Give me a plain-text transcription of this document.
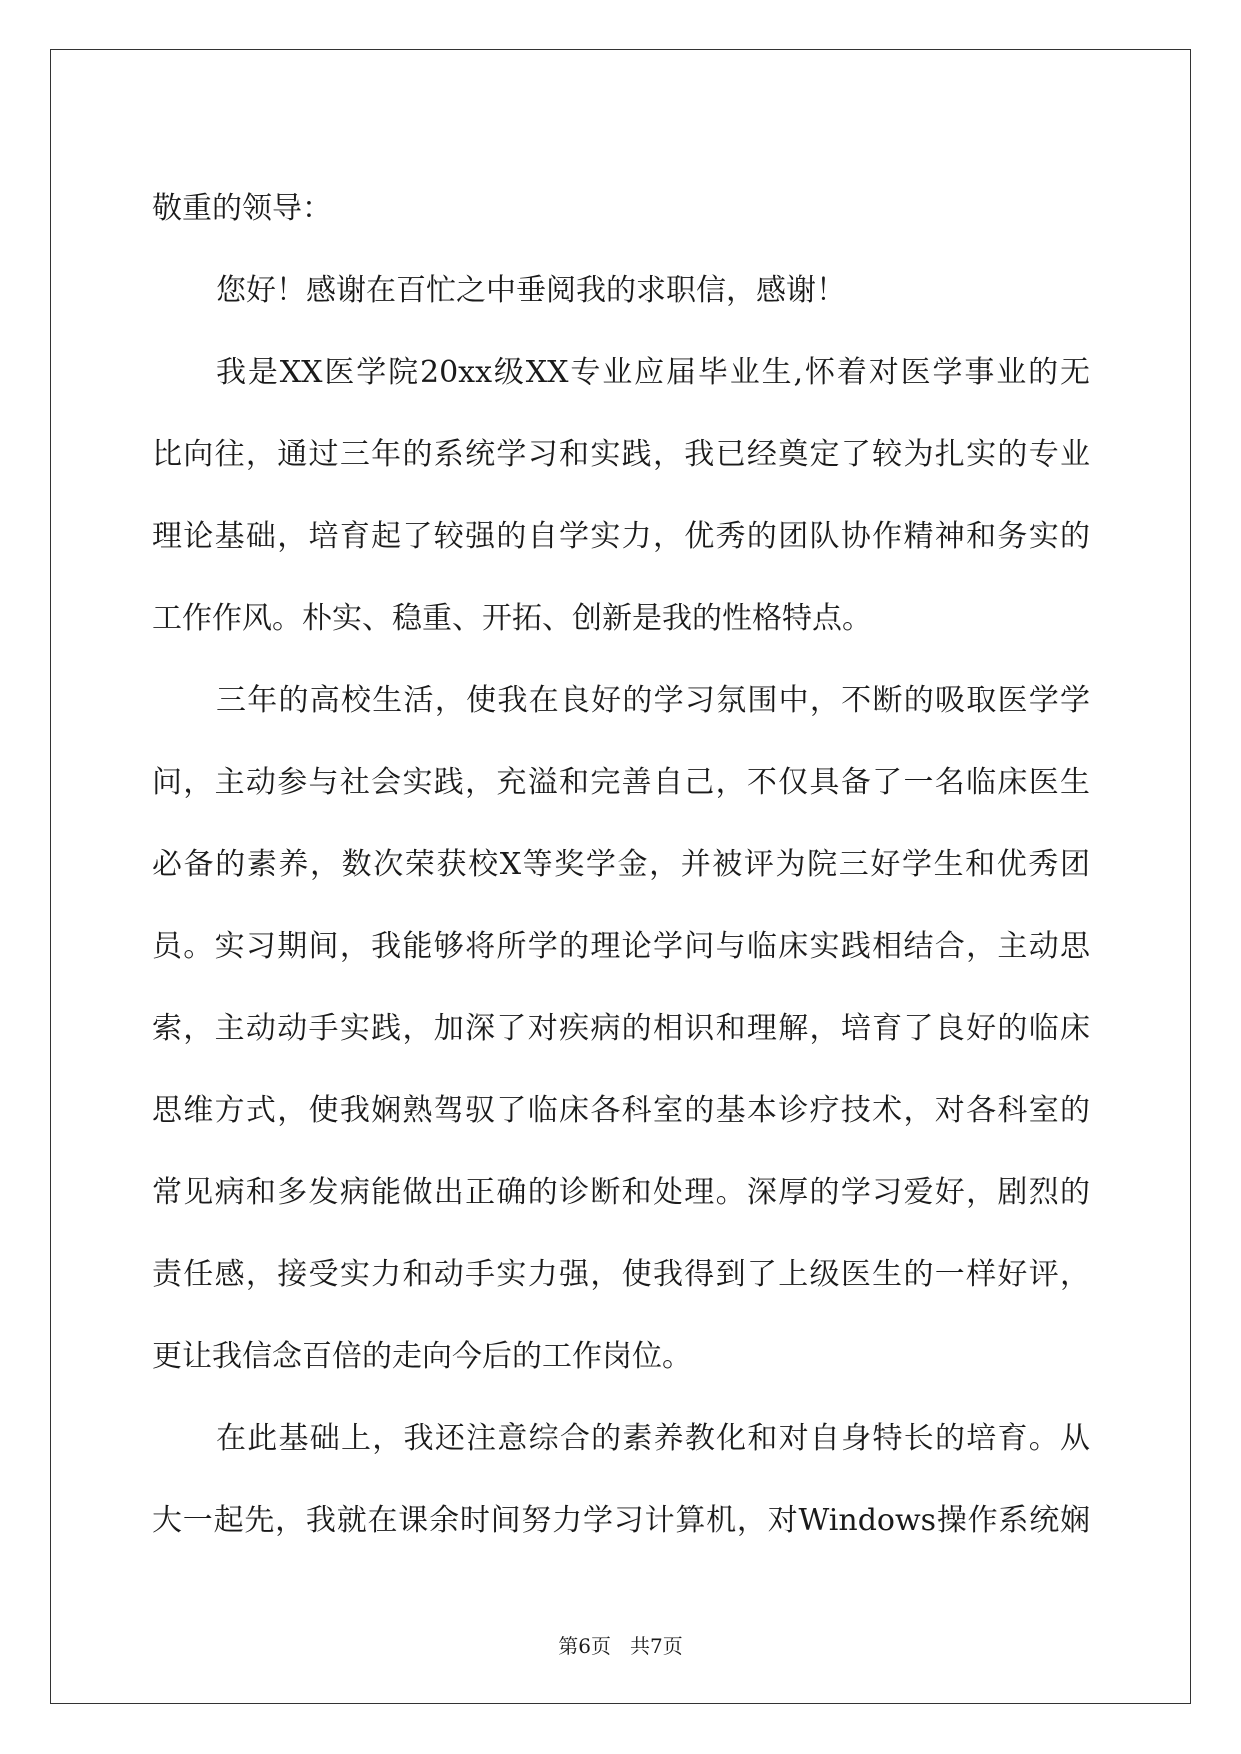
敬重的领导：
您好！感谢在百忙之中垂阅我的求职信，感谢！
我是XX医学院20xx级XX专业应届毕业生,怀着对医学事业的无
比向往，通过三年的系统学习和实践，我已经奠定了较为扎实的专业
理论基础，培育起了较强的自学实力，优秀的团队协作精神和务实的
工作作风。朴实、稳重、开拓、创新是我的性格特点。
三年的高校生活，使我在良好的学习氛围中，不断的吸取医学学
问，主动参与社会实践，充溢和完善自己，不仅具备了一名临床医生
必备的素养，数次荣获校X等奖学金，并被评为院三好学生和优秀团
员。实习期间，我能够将所学的理论学问与临床实践相结合，主动思
索，主动动手实践，加深了对疾病的相识和理解，培育了良好的临床
思维方式，使我娴熟驾驭了临床各科室的基本诊疗技术，对各科室的
常见病和多发病能做出正确的诊断和处理。深厚的学习爱好，剧烈的
责任感，接受实力和动手实力强，使我得到了上级医生的一样好评，
更让我信念百倍的走向今后的工作岗位。
在此基础上，我还注意综合的素养教化和对自身特长的培育。从
大一起先，我就在课余时间努力学习计算机，对Windows操作系统娴
第6页   共7页
